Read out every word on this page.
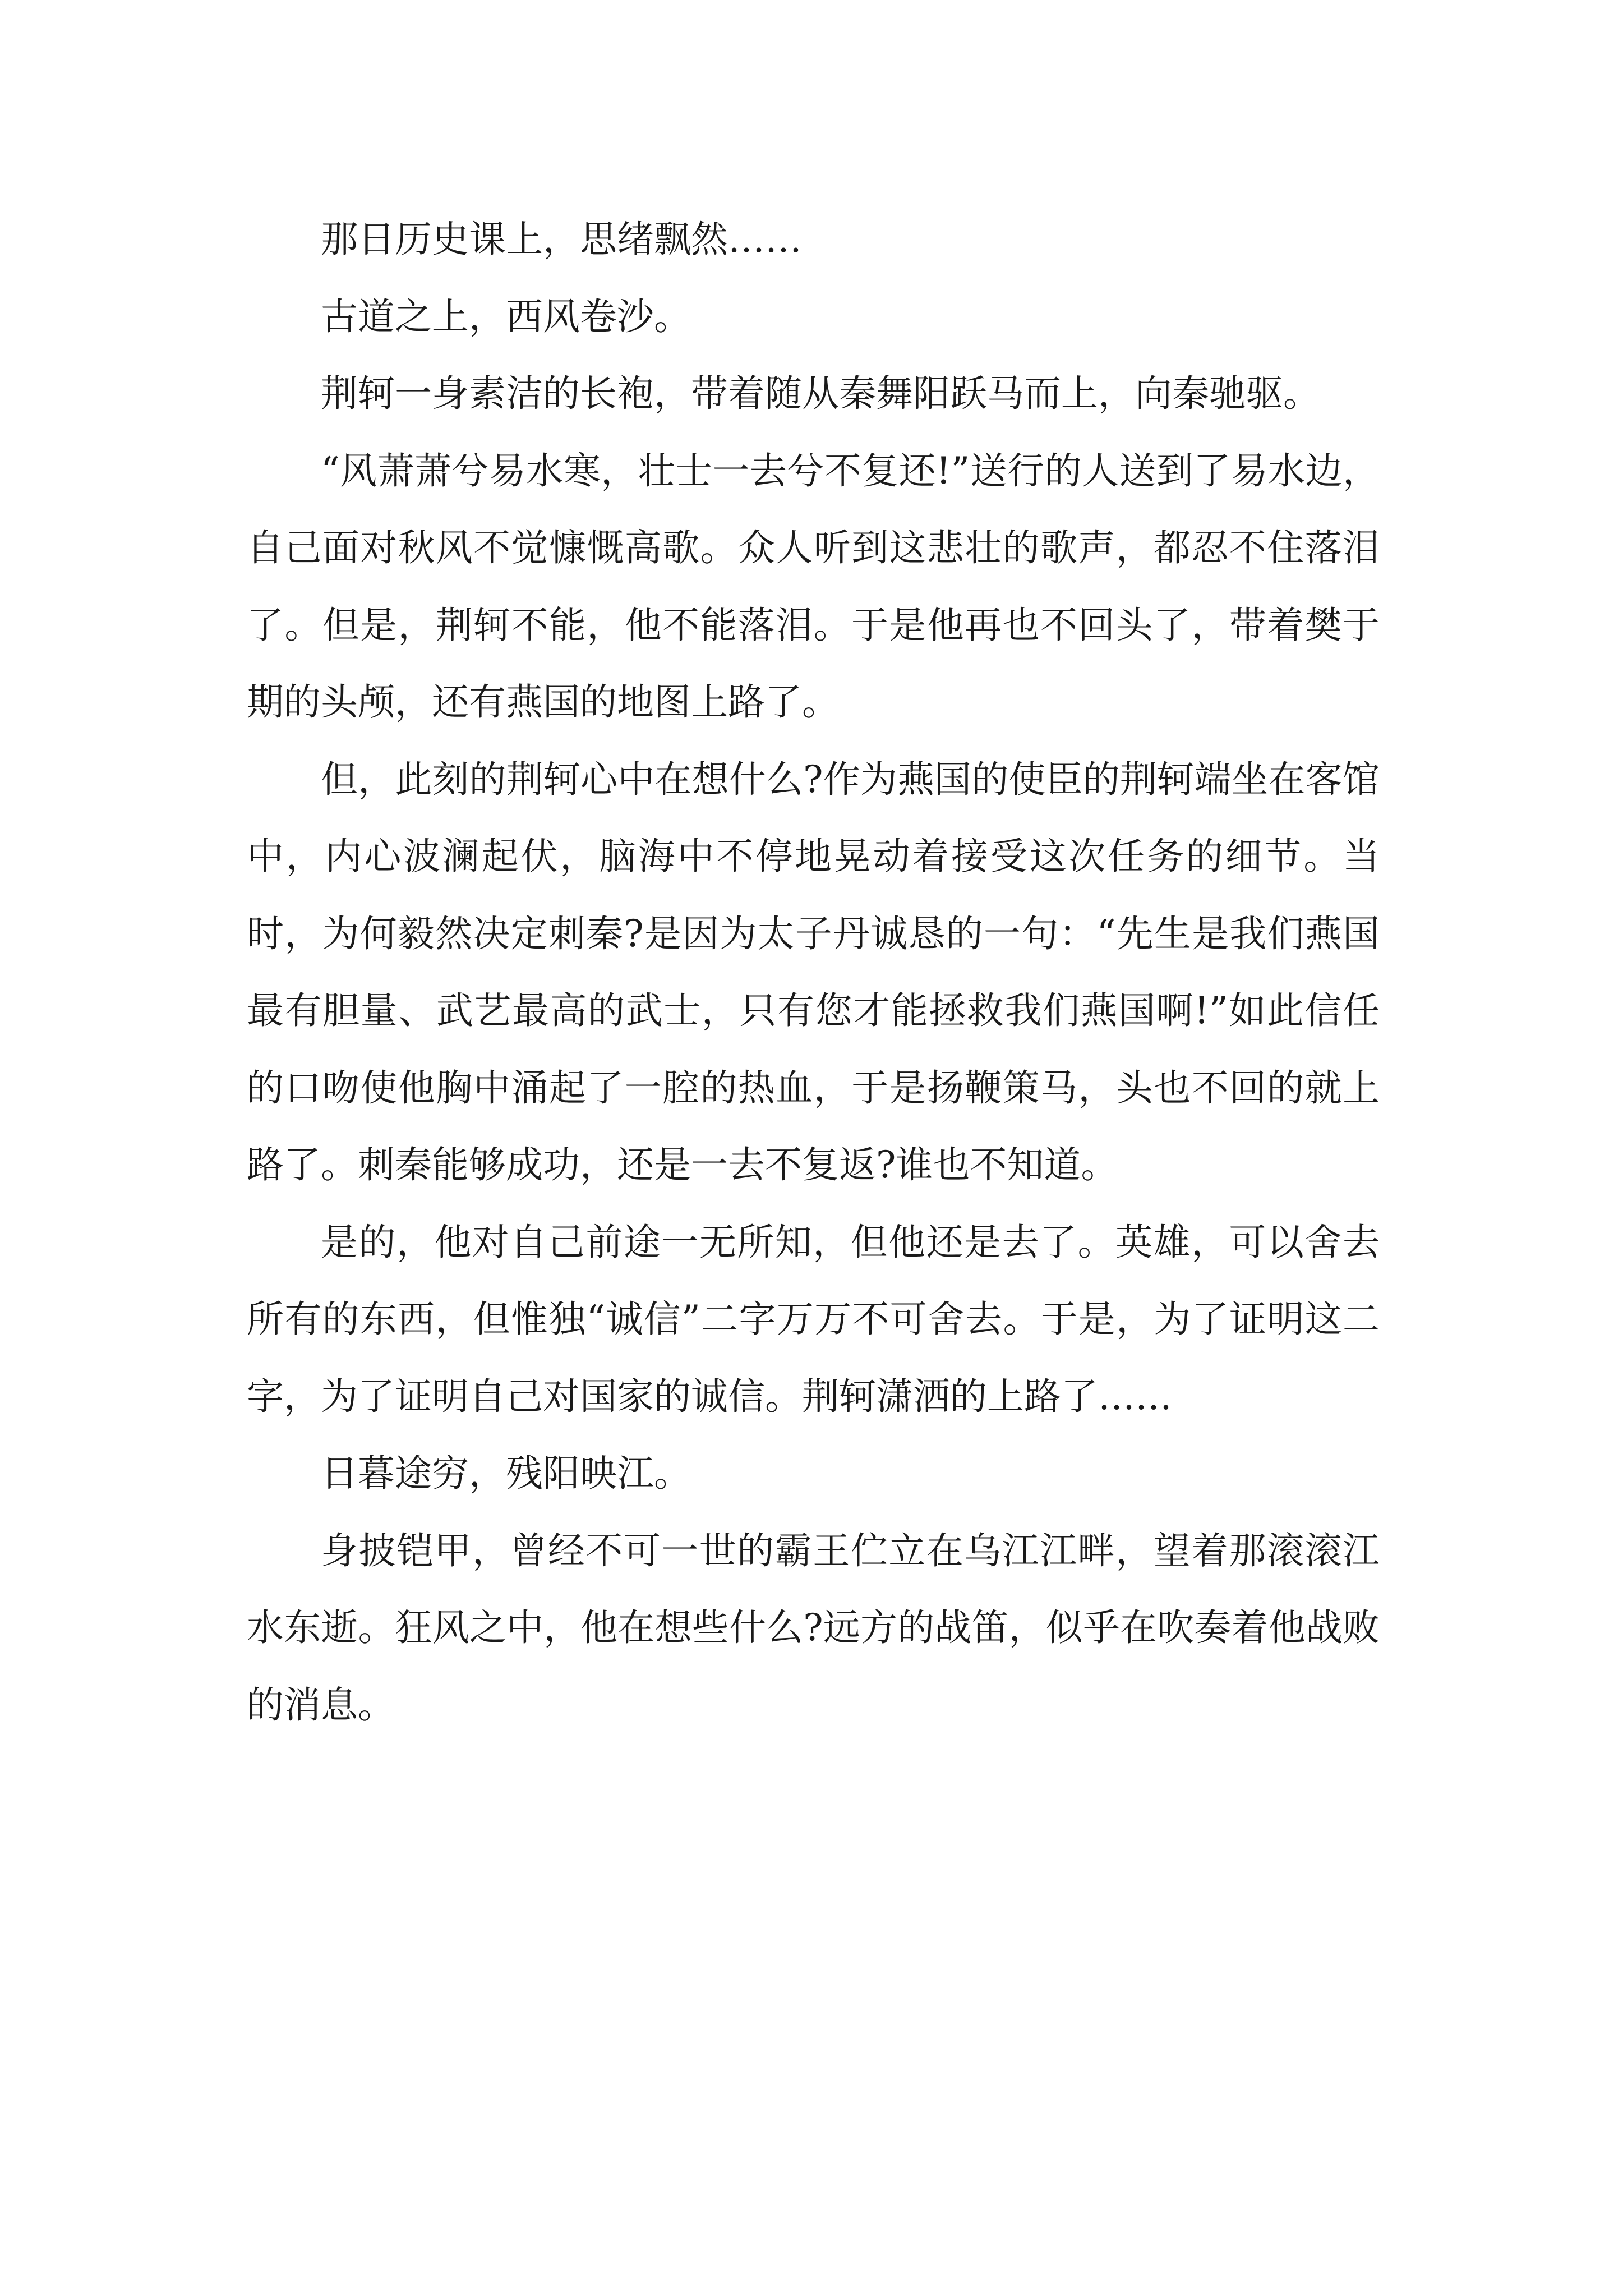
那日历史课上，思绪飘然……

古道之上，西风卷沙。

荆轲一身素洁的长袍，带着随从秦舞阳跃马而上，向秦驰驱。

“风萧萧兮易水寒，壮士一去兮不复还!”送行的人送到了易水边，自己面对秋风不觉慷慨高歌。众人听到这悲壮的歌声，都忍不住落泪了。但是，荆轲不能，他不能落泪。于是他再也不回头了，带着樊于期的头颅，还有燕国的地图上路了。

但，此刻的荆轲心中在想什么?作为燕国的使臣的荆轲端坐在客馆中，内心波澜起伏，脑海中不停地晃动着接受这次任务的细节。当时，为何毅然决定刺秦?是因为太子丹诚恳的一句：“先生是我们燕国最有胆量、武艺最高的武士，只有您才能拯救我们燕国啊!”如此信任的口吻使他胸中涌起了一腔的热血，于是扬鞭策马，头也不回的就上路了。刺秦能够成功，还是一去不复返?谁也不知道。

是的，他对自己前途一无所知，但他还是去了。英雄，可以舍去所有的东西，但惟独“诚信”二字万万不可舍去。于是，为了证明这二字，为了证明自己对国家的诚信。荆轲潇洒的上路了……

日暮途穷，残阳映江。

身披铠甲，曾经不可一世的霸王伫立在乌江江畔，望着那滚滚江水东逝。狂风之中，他在想些什么?远方的战笛，似乎在吹奏着他战败的消息。
